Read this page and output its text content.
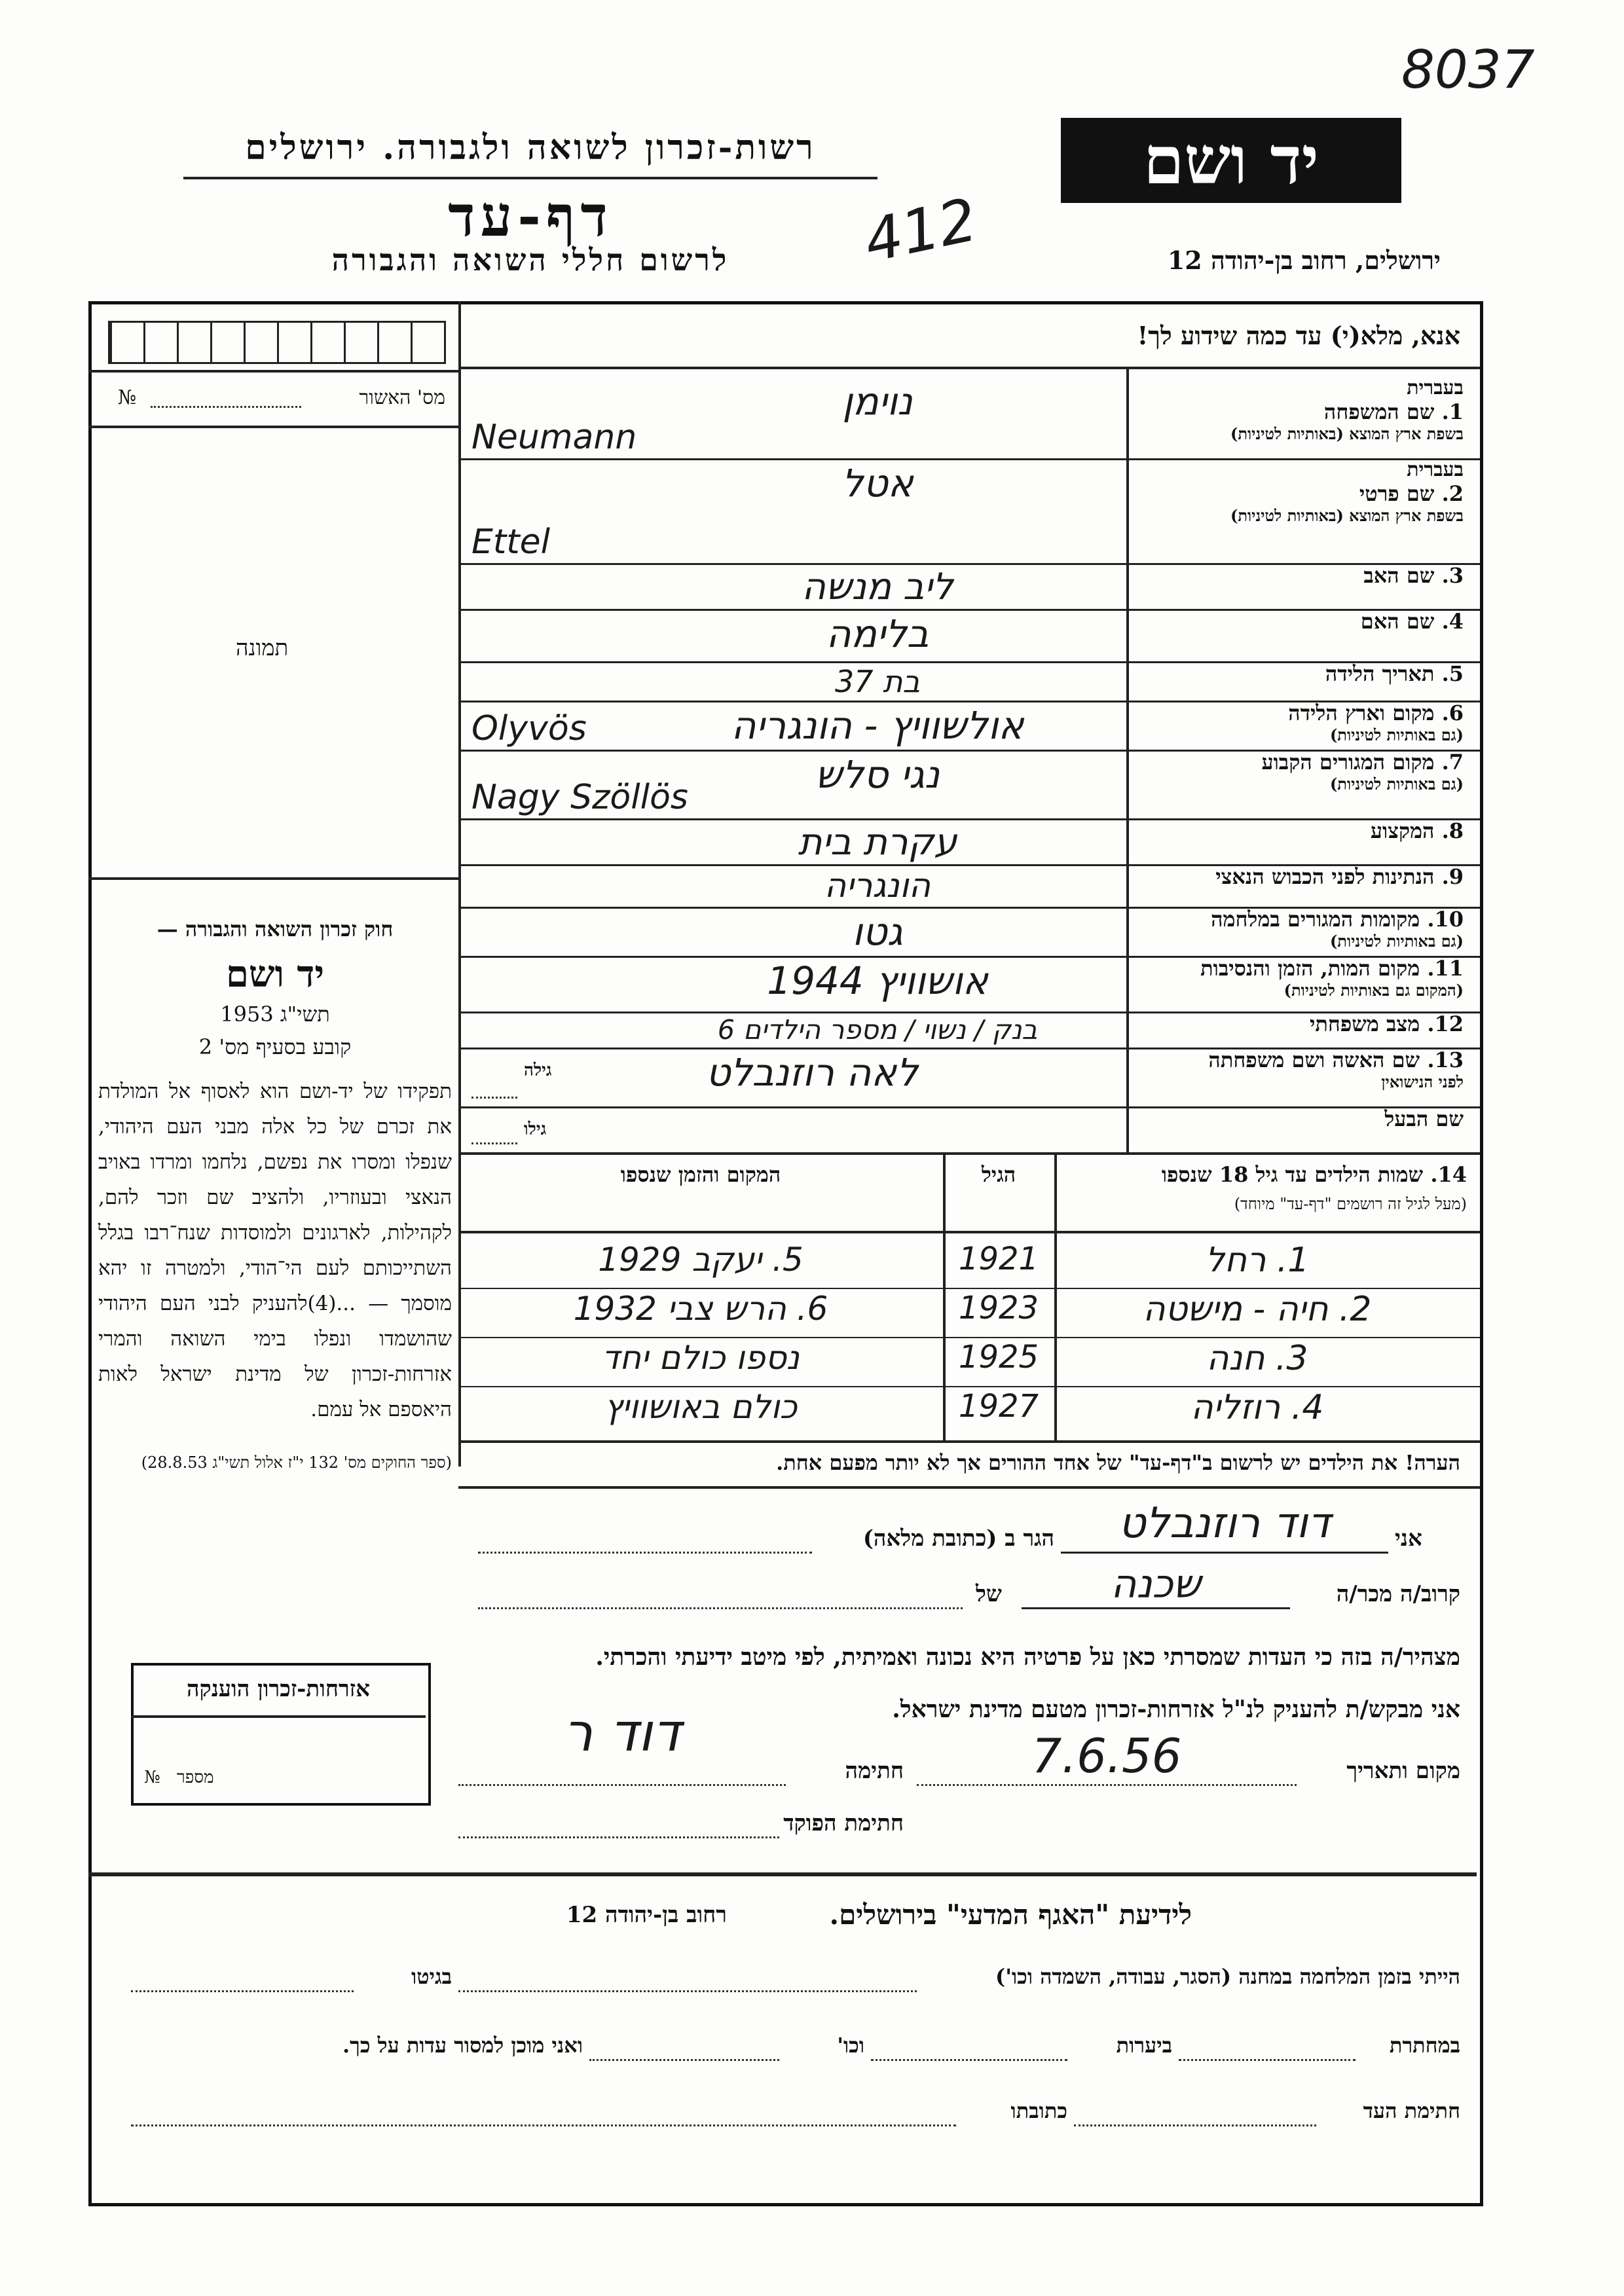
8037
יד ושם
רשות-זכרון לשואה ולגבורה. ירושלים
דף-עד
לרשום חללי השואה והגבורה	ירושלים, רחוב בן-יהודה 12
412
אנא, מלא(י) עד כמה שידוע לך!
מס' האשור
№
תמונה
חוק זכרון השואה והגבורה —
יד ושם
תשי"ג 1953
קובע בסעיף מס' 2
תפקידו של יד-ושם הוא לאסוף אל המולדת את זכרם של כל אלה מבני העם היהודי, שנפלו ומסרו את נפשם, נלחמו ומרדו באויב הנאצי ובעוזריו, ולהציב שם וזכר להם, לקהילות, לארגונים ולמוסדות שנח־רבו בגלל השתייכותם לעם הי־הודי, ולמטרה זו יהא מוסמך — ...(4)להעניק לבני העם היהודי שהושמדו ונפלו בימי השואה והמרי אזרחות-זכרון של מדינת ישראל לאות היאספם אל עמם.
(ספר החוקים מס' 132 י"ז אלול תשי"ג 28.8.53)
בעברית
1. שם המשפחה
בשפת ארץ המוצא (באותיות לטיניות)
נוימן
Neumann
בעברית
2. שם פרטי
בשפת ארץ המוצא (באותיות לטיניות)
אטל
Ettel
3. שם האב
ליב מנשה
4. שם האם
בלימה
5. תאריך הלידה
בת 37
6. מקום וארץ הלידה
(גם באותיות לטיניות)
אולשוויץ - הונגריה
Olyvös
7. מקום המגורים הקבוע
(גם באותיות לטיניות)
נגי סלש
Nagy Szöllös
8. המקצוע
עקרת בית
9. הנתינות לפני הכבוש הנאצי
הונגריה
10. מקומות המגורים במלחמה
(גם באותיות לטיניות)
גטו
11. מקום המות, הזמן והנסיבות
(המקום גם באותיות לטיניות)
אושוויץ 1944
12. מצב משפחתי
בנק / נשוי / מספר הילדים 6
13. שם האשה ושם משפחתה
לפני הנישואין
לאה רוזנבלט
גילה
שם הבעל
גילו
14. שמות הילדים עד גיל 18 שנספו
(מעל לגיל זה רושמים "דף-עד" מיוחד)
הגיל
המקום והזמן שנספו
1. רחל
1921
5. יעקב 1929
2. חיה - מישטה
1923
6. הרש צבי 1932
3. חנה
1925
נספו כולם יחד
4. רוזליה
1927
כולם באושוויץ
הערה! את הילדים יש לרשום ב"דף-עד" של אחד ההורים אך לא יותר מפעם אחת.
אני
דוד רוזנבלט
הגר ב (כתובת מלאה)
קרוב/ה מכר/ה
שכנה
של
מצהיר/ה בזה כי העדות שמסרתי כאן על פרטיה היא נכונה ואמיתית, לפי מיטב ידיעתי והכרתי.
אני מבקש/ת להעניק לנ"ל אזרחות-זכרון מטעם מדינת ישראל.
אזרחות-זכרון הוענקה
מספר
№	מקום ותאריך
7.6.56
חתימה
דוד ר
חתימת הפוקד
לידיעת "האגף המדעי" בירושלים.
רחוב בן-יהודה 12
הייתי בזמן המלחמה במחנה (הסגר, עבודה, השמדה וכו')
בגיטו
במחתרת
ביערות
וכו'
ואני מוכן למסור עדות על כך.
חתימת העד
כתובתו
